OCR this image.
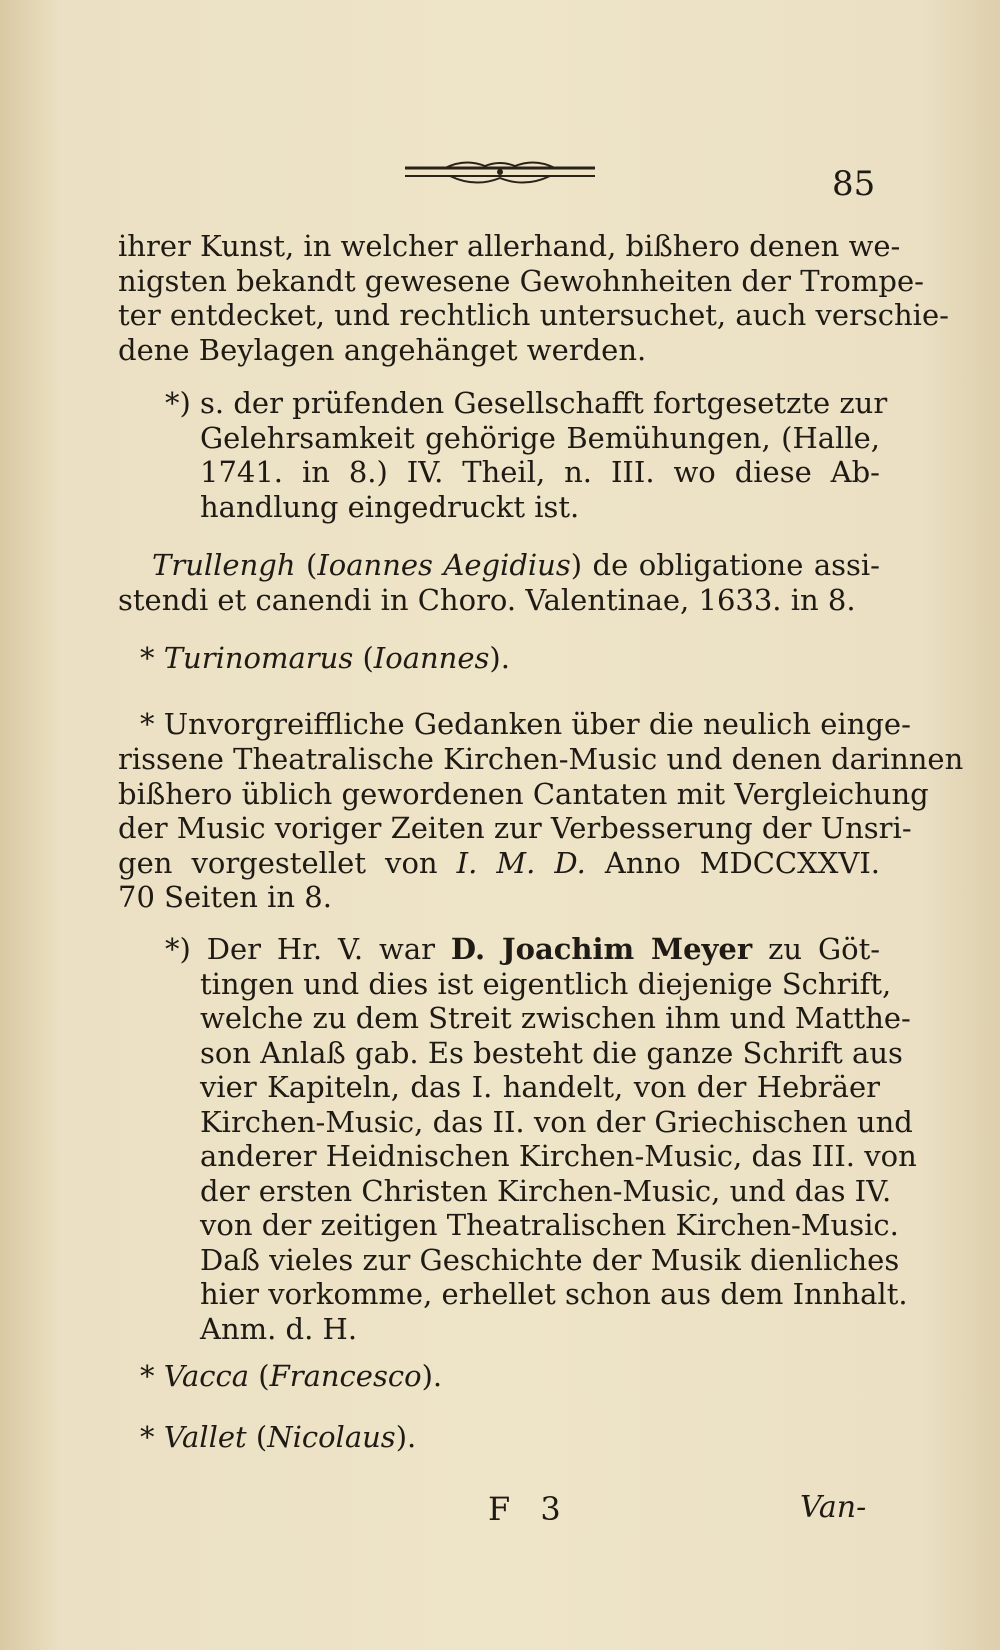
85
ihrer Kunst, in welcher allerhand, bißhero denen we-
nigsten bekandt gewesene Gewohnheiten der Trompe-
ter entdecket, und rechtlich untersuchet, auch verschie-
dene Beylagen angehänget werden.
*) s. der prüfenden Gesellschafft fortgesetzte zur
Gelehrsamkeit gehörige Bemühungen, (Halle,
1741. in 8.) IV. Theil, n. III. wo diese Ab-
handlung eingedruckt ist.
Trullengh (Ioannes Aegidius) de obligatione assi-
stendi et canendi in Choro. Valentinae, 1633. in 8.
* Turinomarus (Ioannes).
* Unvorgreiffliche Gedanken über die neulich einge-
rissene Theatralische Kirchen-Music und denen darinnen
bißhero üblich gewordenen Cantaten mit Vergleichung
der Music voriger Zeiten zur Verbesserung der Unsri-
gen vorgestellet von I. M. D. Anno MDCCXXVI.
70 Seiten in 8.
*) Der Hr. V. war D. Joachim Meyer zu Göt-
tingen und dies ist eigentlich diejenige Schrift,
welche zu dem Streit zwischen ihm und Matthe-
son Anlaß gab. Es besteht die ganze Schrift aus
vier Kapiteln, das I. handelt, von der Hebräer
Kirchen-Music, das II. von der Griechischen und
anderer Heidnischen Kirchen-Music, das III. von
der ersten Christen Kirchen-Music, und das IV.
von der zeitigen Theatralischen Kirchen-Music.
Daß vieles zur Geschichte der Musik dienliches
hier vorkomme, erhellet schon aus dem Innhalt.
Anm. d. H.
* Vacca (Francesco).
* Vallet (Nicolaus).
F 3	Van-
